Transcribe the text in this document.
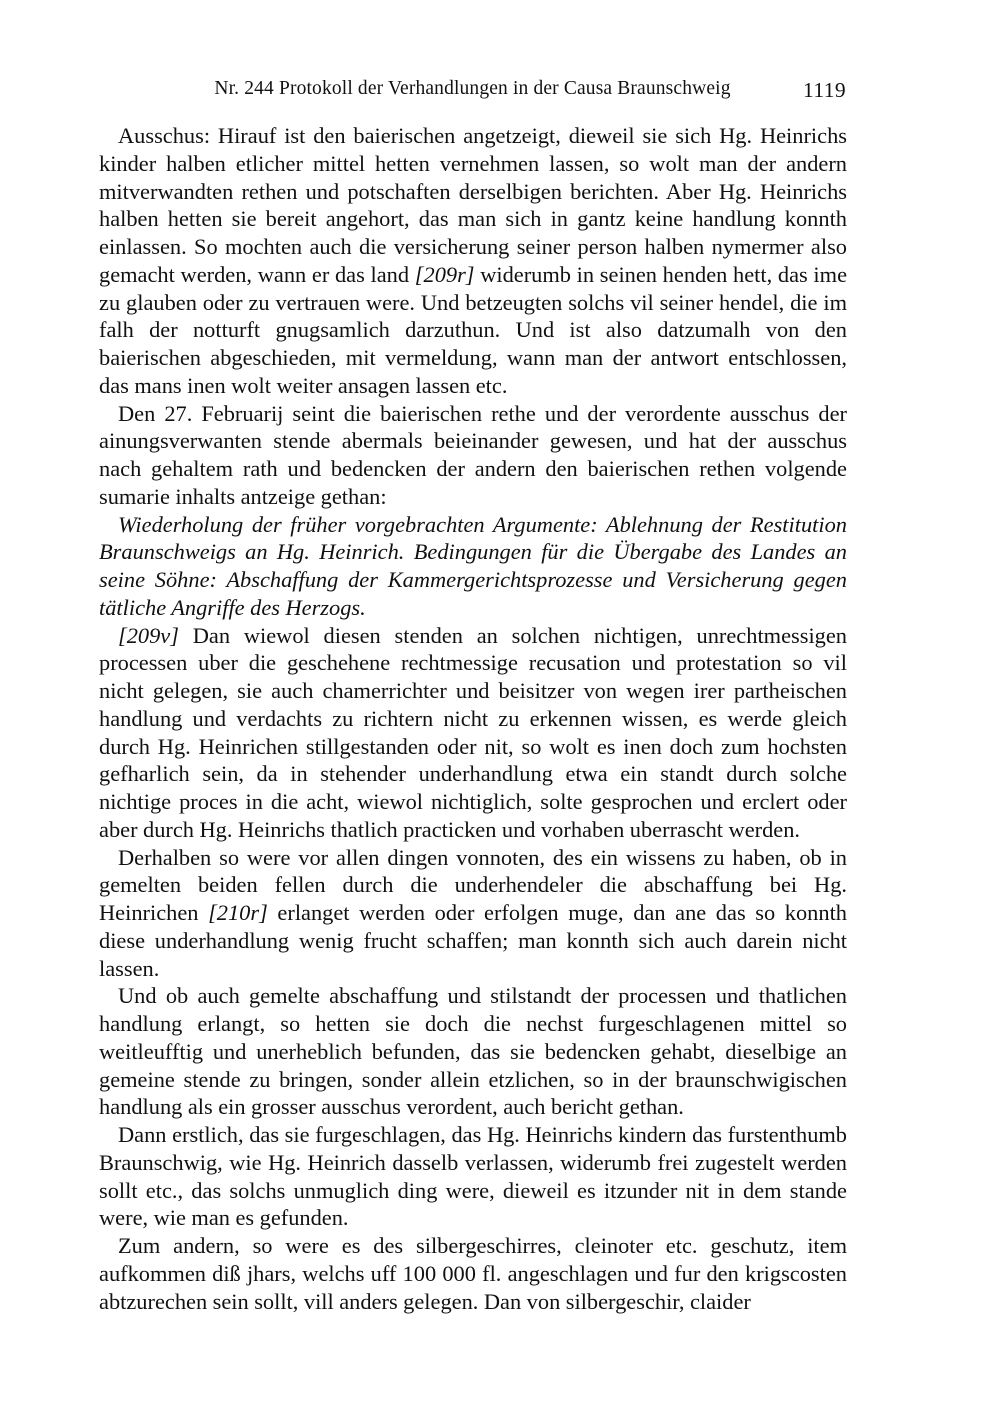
Nr. 244 Protokoll der Verhandlungen in der Causa Braunschweig	1119

Ausschus: Hirauf ist den baierischen angetzeigt, dieweil sie sich Hg. Heinrichs kinder halben etlicher mittel hetten vernehmen lassen, so wolt man der andern mitverwandten rethen und potschaften derselbigen berichten. Aber Hg. Heinrichs halben hetten sie bereit angehort, das man sich in gantz keine handlung konnth einlassen. So mochten auch die versicherung seiner person halben nymermer also gemacht werden, wann er das land [209r] widerumb in seinen henden hett, das ime zu glauben oder zu vertrauen were. Und betzeugten solchs vil seiner hendel, die im falh der notturft gnugsamlich darzuthun. Und ist also datzumalh von den baierischen abgeschieden, mit vermeldung, wann man der antwort entschlossen, das mans inen wolt weiter ansagen lassen etc.

Den 27. Februarij seint die baierischen rethe und der verordente ausschus der ainungsverwanten stende abermals beieinander gewesen, und hat der ausschus nach gehaltem rath und bedencken der andern den baierischen rethen volgende sumarie inhalts antzeige gethan:

Wiederholung der früher vorgebrachten Argumente: Ablehnung der Restitution Braunschweigs an Hg. Heinrich. Bedingungen für die Übergabe des Landes an seine Söhne: Abschaffung der Kammergerichtsprozesse und Versicherung gegen tätliche Angriffe des Herzogs.

[209v] Dan wiewol diesen stenden an solchen nichtigen, unrechtmessigen processen uber die geschehene rechtmessige recusation und protestation so vil nicht gelegen, sie auch chamerrichter und beisitzer von wegen irer partheischen handlung und verdachts zu richtern nicht zu erkennen wissen, es werde gleich durch Hg. Heinrichen stillgestanden oder nit, so wolt es inen doch zum hochsten gefharlich sein, da in stehender underhandlung etwa ein standt durch solche nichtige proces in die acht, wiewol nichtiglich, solte gesprochen und erclert oder aber durch Hg. Heinrichs thatlich practicken und vorhaben uberrascht werden.

Derhalben so were vor allen dingen vonnoten, des ein wissens zu haben, ob in gemelten beiden fellen durch die underhendeler die abschaffung bei Hg. Heinrichen [210r] erlanget werden oder erfolgen muge, dan ane das so konnth diese underhandlung wenig frucht schaffen; man konnth sich auch darein nicht lassen.

Und ob auch gemelte abschaffung und stilstandt der processen und thatlichen handlung erlangt, so hetten sie doch die nechst furgeschlagenen mittel so weitleufftig und unerheblich befunden, das sie bedencken gehabt, dieselbige an gemeine stende zu bringen, sonder allein etzlichen, so in der braunschwigischen handlung als ein grosser ausschus verordent, auch bericht gethan.

Dann erstlich, das sie furgeschlagen, das Hg. Heinrichs kindern das furstenthumb Braunschwig, wie Hg. Heinrich dasselb verlassen, widerumb frei zugestelt werden sollt etc., das solchs unmuglich ding were, dieweil es itzunder nit in dem stande were, wie man es gefunden.

Zum andern, so were es des silbergeschirres, cleinoter etc. geschutz, item aufkommen diß jhars, welchs uff 100 000 fl. angeschlagen und fur den krigscosten abtzurechen sein sollt, vill anders gelegen. Dan von silbergeschir, claider
